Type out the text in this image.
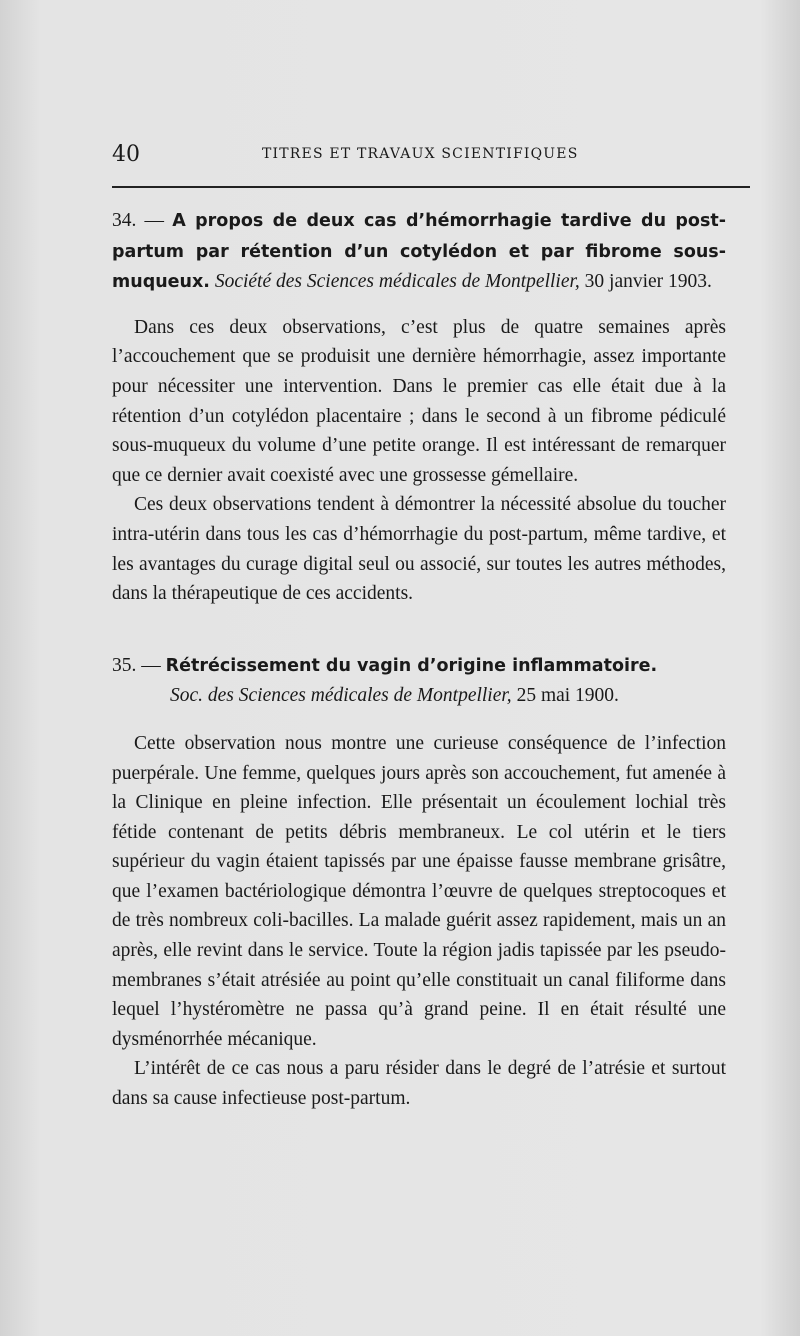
40	TITRES ET TRAVAUX SCIENTIFIQUES

34. — A propos de deux cas d’hémorrhagie tardive du post-partum par rétention d’un cotylédon et par fibrome sous-muqueux. Société des Sciences médicales de Montpellier, 30 janvier 1903.

Dans ces deux observations, c’est plus de quatre semaines après l’accouchement que se produisit une dernière hémorrhagie, assez importante pour nécessiter une intervention. Dans le premier cas elle était due à la rétention d’un cotylédon placentaire ; dans le second à un fibrome pédiculé sous-muqueux du volume d’une petite orange. Il est intéressant de remarquer que ce dernier avait coexisté avec une grossesse gémellaire.

Ces deux observations tendent à démontrer la nécessité absolue du toucher intra-utérin dans tous les cas d’hémorrhagie du post-partum, même tardive, et les avantages du curage digital seul ou associé, sur toutes les autres méthodes, dans la thérapeutique de ces accidents.

35. — Rétrécissement du vagin d’origine inflammatoire.

Soc. des Sciences médicales de Montpellier, 25 mai 1900.

Cette observation nous montre une curieuse conséquence de l’infection puerpérale. Une femme, quelques jours après son accouchement, fut amenée à la Clinique en pleine infection. Elle présentait un écoulement lochial très fétide contenant de petits débris membraneux. Le col utérin et le tiers supérieur du vagin étaient tapissés par une épaisse fausse membrane grisâtre, que l’examen bactériologique démontra l’œuvre de quelques streptocoques et de très nombreux coli-bacilles. La malade guérit assez rapidement, mais un an après, elle revint dans le service. Toute la région jadis tapissée par les pseudo-membranes s’était atrésiée au point qu’elle constituait un canal filiforme dans lequel l’hystéromètre ne passa qu’à grand peine. Il en était résulté une dysménorrhée mécanique.

L’intérêt de ce cas nous a paru résider dans le degré de l’atrésie et surtout dans sa cause infectieuse post-partum.
